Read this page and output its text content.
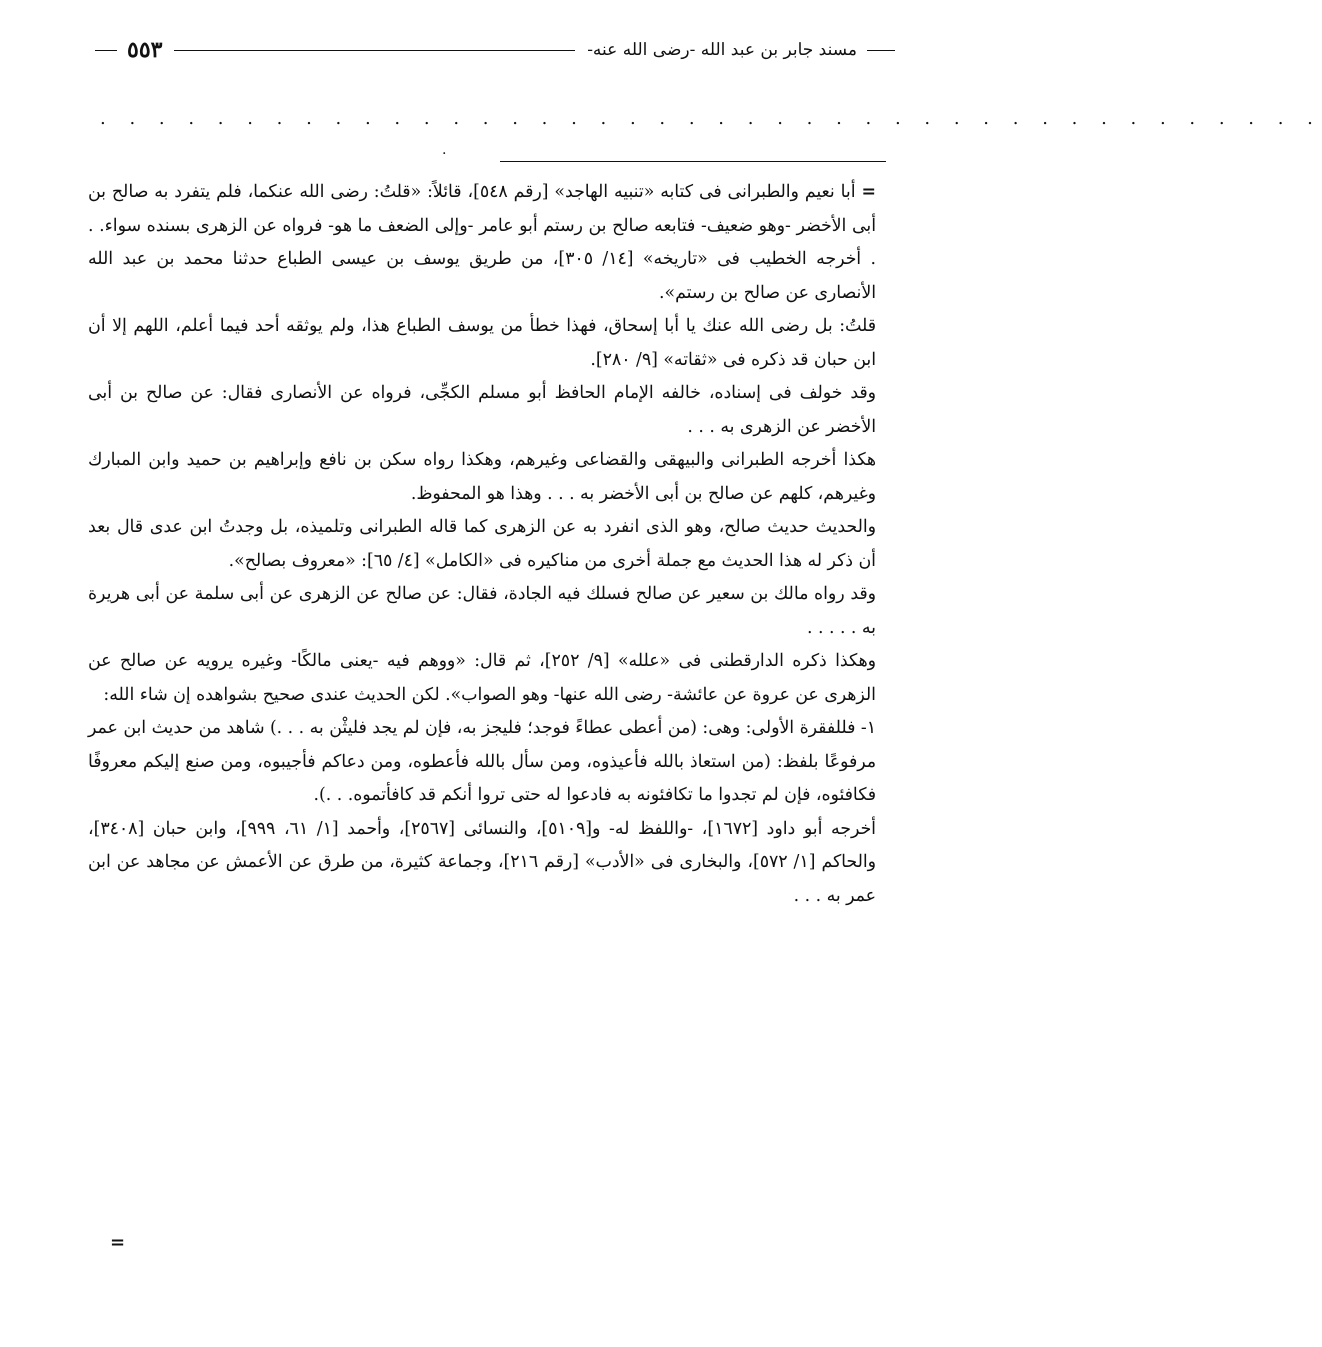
مسند جابر بن عبد الله -رضى الله عنه-
٥٥٣
. . . . . . . . . . . . . . . . . . . . . . . . . . . . . . . . . . . . . . . . . .
.

=أبا نعيم والطبرانى فى كتابه «تنبيه الهاجد» [رقم ٥٤٨]، قائلاً: «قلتُ: رضى الله عنكما، فلم يتفرد به صالح بن أبى الأخضر -وهو ضعيف- فتابعه صالح بن رستم أبو عامر -وإلى الضعف ما هو- فرواه عن الزهرى بسنده سواء. . . أخرجه الخطيب فى «تاريخه» [١٤/ ٣٠٥]، من طريق يوسف بن عيسى الطباع حدثنا محمد بن عبد الله الأنصارى عن صالح بن رستم».

قلتُ: بل رضى الله عنك يا أبا إسحاق، فهذا خطأ من يوسف الطباع هذا، ولم يوثقه أحد فيما أعلم، اللهم إلا أن ابن حبان قد ذكره فى «ثقاته» [٩/ ٢٨٠].

وقد خولف فى إسناده، خالفه الإمام الحافظ أبو مسلم الكجِّى، فرواه عن الأنصارى فقال: عن صالح بن أبى الأخضر عن الزهرى به . . .

هكذا أخرجه الطبرانى والبيهقى والقضاعى وغيرهم، وهكذا رواه سكن بن نافع وإبراهيم بن حميد وابن المبارك وغيرهم، كلهم عن صالح بن أبى الأخضر به . . . وهذا هو المحفوظ.

والحديث حديث صالح، وهو الذى انفرد به عن الزهرى كما قاله الطبرانى وتلميذه، بل وجدتُ ابن عدى قال بعد أن ذكر له هذا الحديث مع جملة أخرى من مناكيره فى «الكامل» [٤/ ٦٥]: «معروف بصالح».

وقد رواه مالك بن سعير عن صالح فسلك فيه الجادة، فقال: عن صالح عن الزهرى عن أبى سلمة عن أبى هريرة به . . . . .

وهكذا ذكره الدارقطنى فى «علله» [٩/ ٢٥٢]، ثم قال: «ووهم فيه -يعنى مالكًا- وغيره يرويه عن صالح عن الزهرى عن عروة عن عائشة- رضى الله عنها- وهو الصواب». لكن الحديث عندى صحيح بشواهده إن شاء الله:

١- فللفقرة الأولى: وهى: (من أعطى عطاءً فوجد؛ فليجز به، فإن لم يجد فليثْن به . . .) شاهد من حديث ابن عمر مرفوعًا بلفظ: (من استعاذ بالله فأعيذوه، ومن سأل بالله فأعطوه، ومن دعاكم فأجيبوه، ومن صنع إليكم معروفًا فكافئوه، فإن لم تجدوا ما تكافئونه به فادعوا له حتى تروا أنكم قد كافأتموه. . .).

أخرجه أبو داود [١٦٧٢]، -واللفظ له- و[٥١٠٩]، والنسائى [٢٥٦٧]، وأحمد [١/ ٦١، ٩٩٩]، وابن حبان [٣٤٠٨]، والحاكم [١/ ٥٧٢]، والبخارى فى «الأدب» [رقم ٢١٦]، وجماعة كثيرة، من طرق عن الأعمش عن مجاهد عن ابن عمر به . . .

=
